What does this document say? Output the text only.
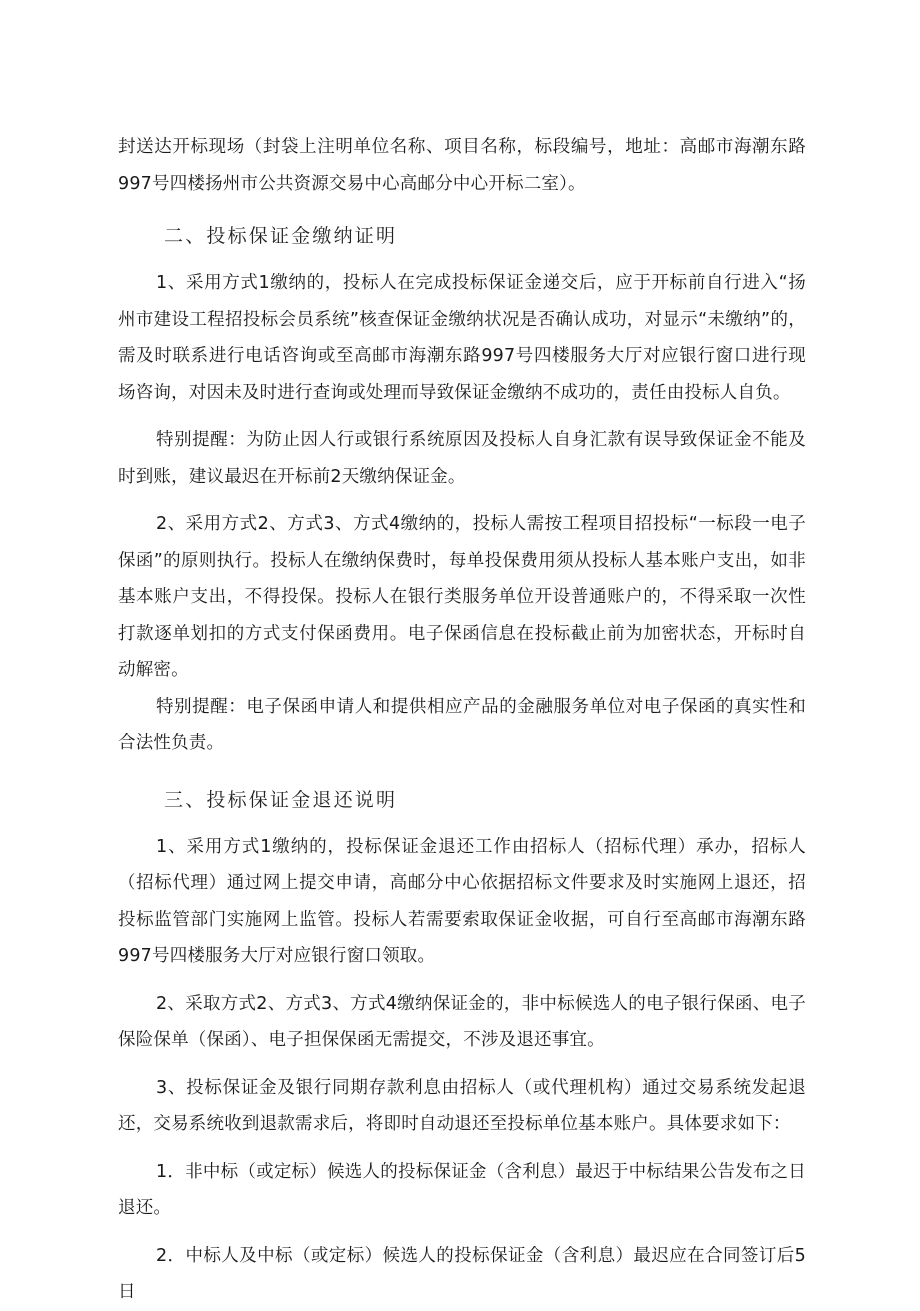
封送达开标现场（封袋上注明单位名称、项目名称，标段编号，地址：高邮市海潮东路997号四楼扬州市公共资源交易中心高邮分中心开标二室）。

二、投标保证金缴纳证明

1、采用方式1缴纳的，投标人在完成投标保证金递交后，应于开标前自行进入“扬州市建设工程招投标会员系统”核查保证金缴纳状况是否确认成功，对显示“未缴纳”的，需及时联系进行电话咨询或至高邮市海潮东路997号四楼服务大厅对应银行窗口进行现场咨询，对因未及时进行查询或处理而导致保证金缴纳不成功的，责任由投标人自负。

特别提醒：为防止因人行或银行系统原因及投标人自身汇款有误导致保证金不能及时到账，建议最迟在开标前2天缴纳保证金。

2、采用方式2、方式3、方式4缴纳的，投标人需按工程项目招投标“一标段一电子保函”的原则执行。投标人在缴纳保费时，每单投保费用须从投标人基本账户支出，如非基本账户支出，不得投保。投标人在银行类服务单位开设普通账户的，不得采取一次性打款逐单划扣的方式支付保函费用。电子保函信息在投标截止前为加密状态，开标时自动解密。

特别提醒：电子保函申请人和提供相应产品的金融服务单位对电子保函的真实性和合法性负责。

三、投标保证金退还说明

1、采用方式1缴纳的，投标保证金退还工作由招标人（招标代理）承办，招标人（招标代理）通过网上提交申请，高邮分中心依据招标文件要求及时实施网上退还，招投标监管部门实施网上监管。投标人若需要索取保证金收据，可自行至高邮市海潮东路997号四楼服务大厅对应银行窗口领取。

2、采取方式2、方式3、方式4缴纳保证金的，非中标候选人的电子银行保函、电子保险保单（保函）、电子担保保函无需提交，不涉及退还事宜。

3、投标保证金及银行同期存款利息由招标人（或代理机构）通过交易系统发起退还，交易系统收到退款需求后，将即时自动退还至投标单位基本账户。具体要求如下：

1．非中标（或定标）候选人的投标保证金（含利息）最迟于中标结果公告发布之日退还。

2．中标人及中标（或定标）候选人的投标保证金（含利息）最迟应在合同签订后5日
